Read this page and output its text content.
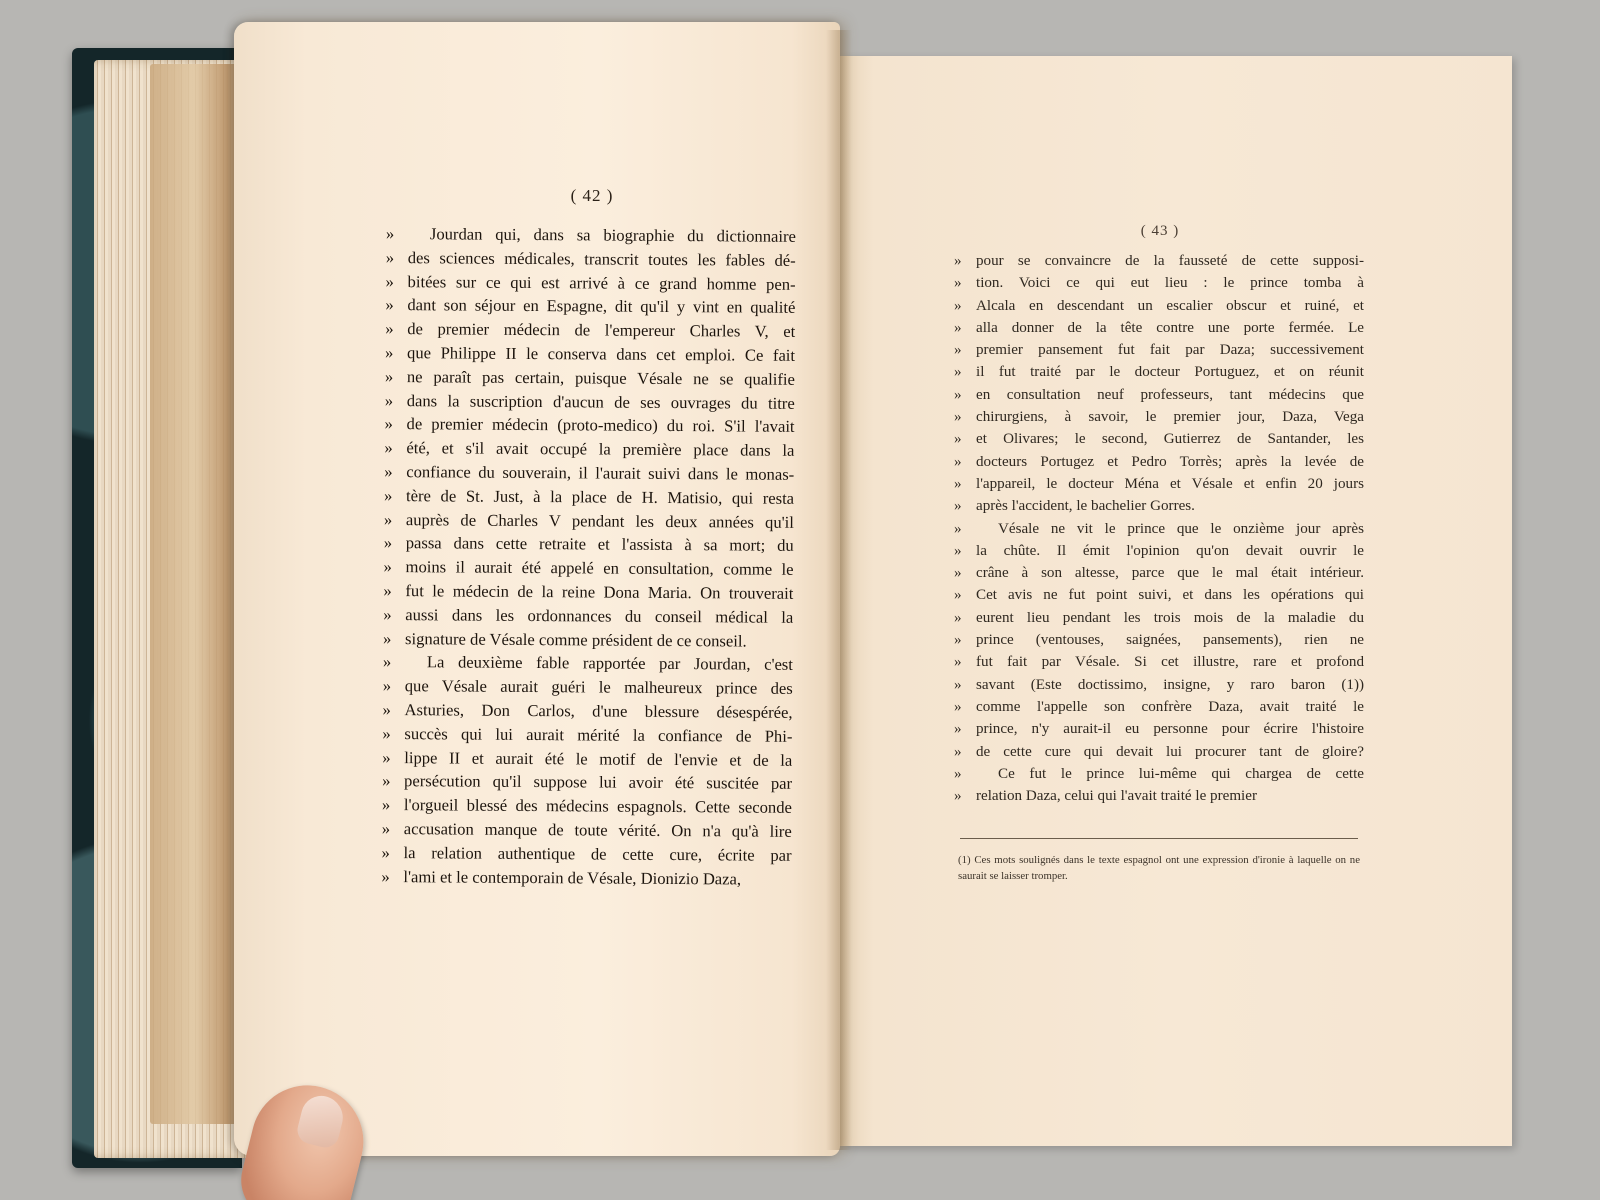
( 42 )
( 43 )
»	Jourdan qui, dans sa biographie du dictionnaire
» des sciences médicales, transcrit toutes les fables dé-
» bitées sur ce qui est arrivé à ce grand homme pen-
» dant son séjour en Espagne, dit qu'il y vint en qualité
» de premier médecin de l'empereur Charles V, et
» que Philippe II le conserva dans cet emploi. Ce fait
» ne paraît pas certain, puisque Vésale ne se qualifie
» dans la suscription d'aucun de ses ouvrages du titre
» de premier médecin (proto-medico) du roi. S'il l'avait
» été, et s'il avait occupé la première place dans la
» confiance du souverain, il l'aurait suivi dans le monas-
» tère de St. Just, à la place de H. Matisio, qui resta
» auprès de Charles V pendant les deux années qu'il
» passa dans cette retraite et l'assista à sa mort; du
» moins il aurait été appelé en consultation, comme le
» fut le médecin de la reine Dona Maria. On trouverait
» aussi dans les ordonnances du conseil médical la
» signature de Vésale comme président de ce conseil.
»	La deuxième fable rapportée par Jourdan, c'est
» que Vésale aurait guéri le malheureux prince des
» Asturies, Don Carlos, d'une blessure désespérée,
» succès qui lui aurait mérité la confiance de Phi-
» lippe II et aurait été le motif de l'envie et de la
» persécution qu'il suppose lui avoir été suscitée par
» l'orgueil blessé des médecins espagnols. Cette seconde
» accusation manque de toute vérité. On n'a qu'à lire
» la relation authentique de cette cure, écrite par
» l'ami et le contemporain de Vésale, Dionizio Daza,
» pour se convaincre de la fausseté de cette supposi-
» tion. Voici ce qui eut lieu : le prince tomba à
» Alcala en descendant un escalier obscur et ruiné, et
» alla donner de la tête contre une porte fermée. Le
» premier pansement fut fait par Daza; successivement
» il fut traité par le docteur Portuguez, et on réunit
» en consultation neuf professeurs, tant médecins que
» chirurgiens, à savoir, le premier jour, Daza, Vega
» et Olivares; le second, Gutierrez de Santander, les
» docteurs Portugez et Pedro Torrès; après la levée de
» l'appareil, le docteur Ména et Vésale et enfin 20 jours
» après l'accident, le bachelier Gorres.
»	Vésale ne vit le prince que le onzième jour après
» la chûte. Il émit l'opinion qu'on devait ouvrir le
» crâne à son altesse, parce que le mal était intérieur.
» Cet avis ne fut point suivi, et dans les opérations qui
» eurent lieu pendant les trois mois de la maladie du
» prince (ventouses, saignées, pansements), rien ne
» fut fait par Vésale. Si cet illustre, rare et profond
» savant (Este doctissimo, insigne, y raro baron (1))
» comme l'appelle son confrère Daza, avait traité le
» prince, n'y aurait-il eu personne pour écrire l'histoire
» de cette cure qui devait lui procurer tant de gloire?
»	Ce fut le prince lui-même qui chargea de cette
» relation Daza, celui qui l'avait traité le premier

(1) Ces mots soulignés dans le texte espagnol ont une expression d'ironie à laquelle on ne saurait se laisser tromper.
